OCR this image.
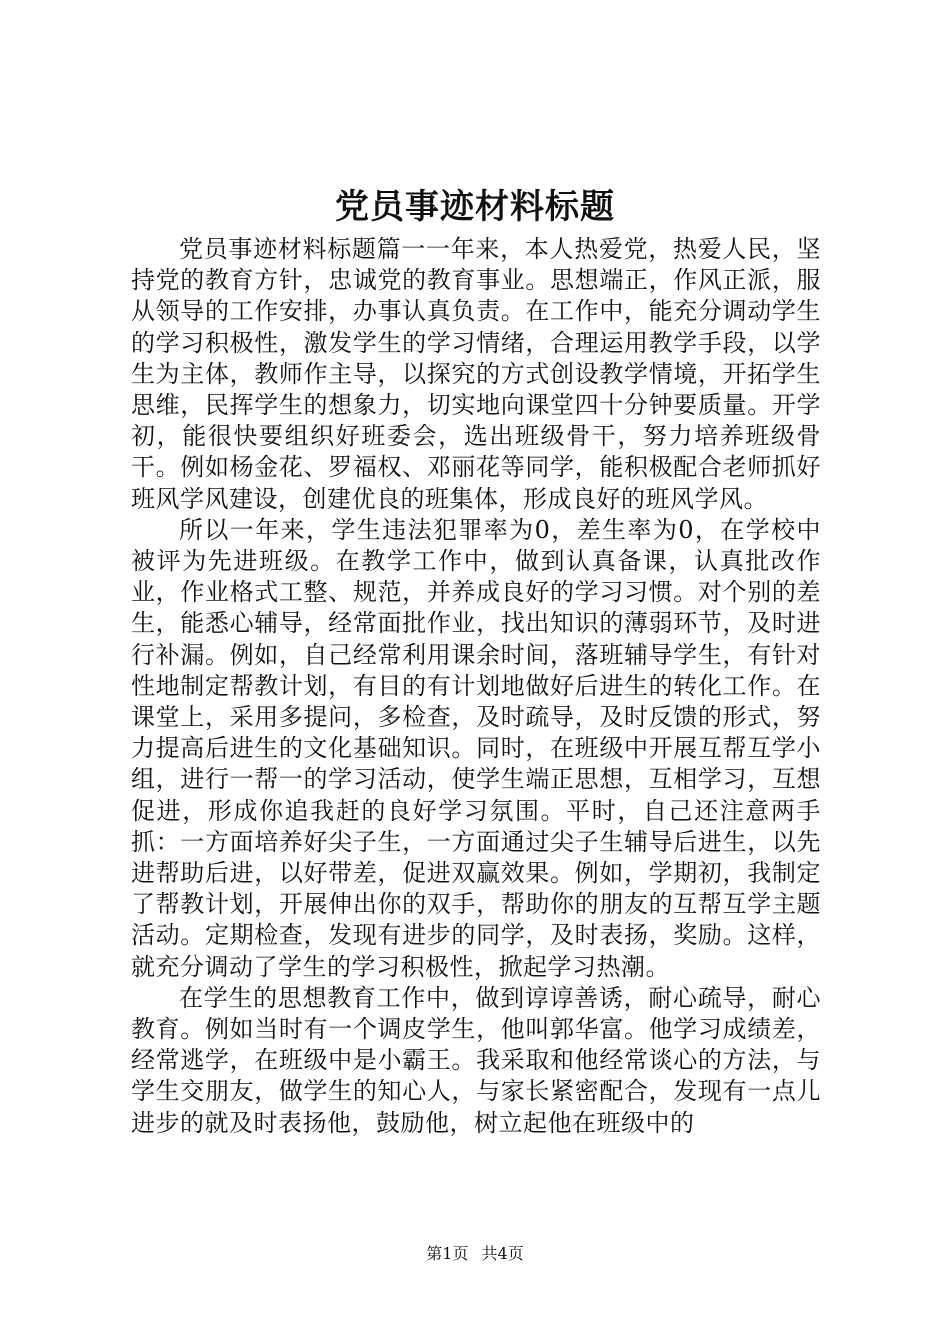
党员事迹材料标题

党员事迹材料标题篇一一年来，本人热爱党，热爱人民，坚持党的教育方针，忠诚党的教育事业。思想端正，作风正派，服从领导的工作安排，办事认真负责。在工作中，能充分调动学生的学习积极性，激发学生的学习情绪，合理运用教学手段，以学生为主体，教师作主导，以探究的方式创设教学情境，开拓学生思维，民挥学生的想象力，切实地向课堂四十分钟要质量。开学初，能很快要组织好班委会，选出班级骨干，努力培养班级骨干。例如杨金花、罗福权、邓丽花等同学，能积极配合老师抓好班风学风建设，创建优良的班集体，形成良好的班风学风。

所以一年来，学生违法犯罪率为0，差生率为0，在学校中被评为先进班级。在教学工作中，做到认真备课，认真批改作业，作业格式工整、规范，并养成良好的学习习惯。对个别的差生，能悉心辅导，经常面批作业，找出知识的薄弱环节，及时进行补漏。例如，自己经常利用课余时间，落班辅导学生，有针对性地制定帮教计划，有目的有计划地做好后进生的转化工作。在课堂上，采用多提问，多检查，及时疏导，及时反馈的形式，努力提高后进生的文化基础知识。同时，在班级中开展互帮互学小组，进行一帮一的学习活动，使学生端正思想，互相学习，互想促进，形成你追我赶的良好学习氛围。平时，自己还注意两手抓：一方面培养好尖子生，一方面通过尖子生辅导后进生，以先进帮助后进，以好带差，促进双赢效果。例如，学期初，我制定了帮教计划，开展伸出你的双手，帮助你的朋友的互帮互学主题活动。定期检查，发现有进步的同学，及时表扬，奖励。这样，就充分调动了学生的学习积极性，掀起学习热潮。

在学生的思想教育工作中，做到谆谆善诱，耐心疏导，耐心教育。例如当时有一个调皮学生，他叫郭华富。他学习成绩差，经常逃学，在班级中是小霸王。我采取和他经常谈心的方法，与学生交朋友，做学生的知心人，与家长紧密配合，发现有一点儿进步的就及时表扬他，鼓励他，树立起他在班级中的

第1页 共4页
